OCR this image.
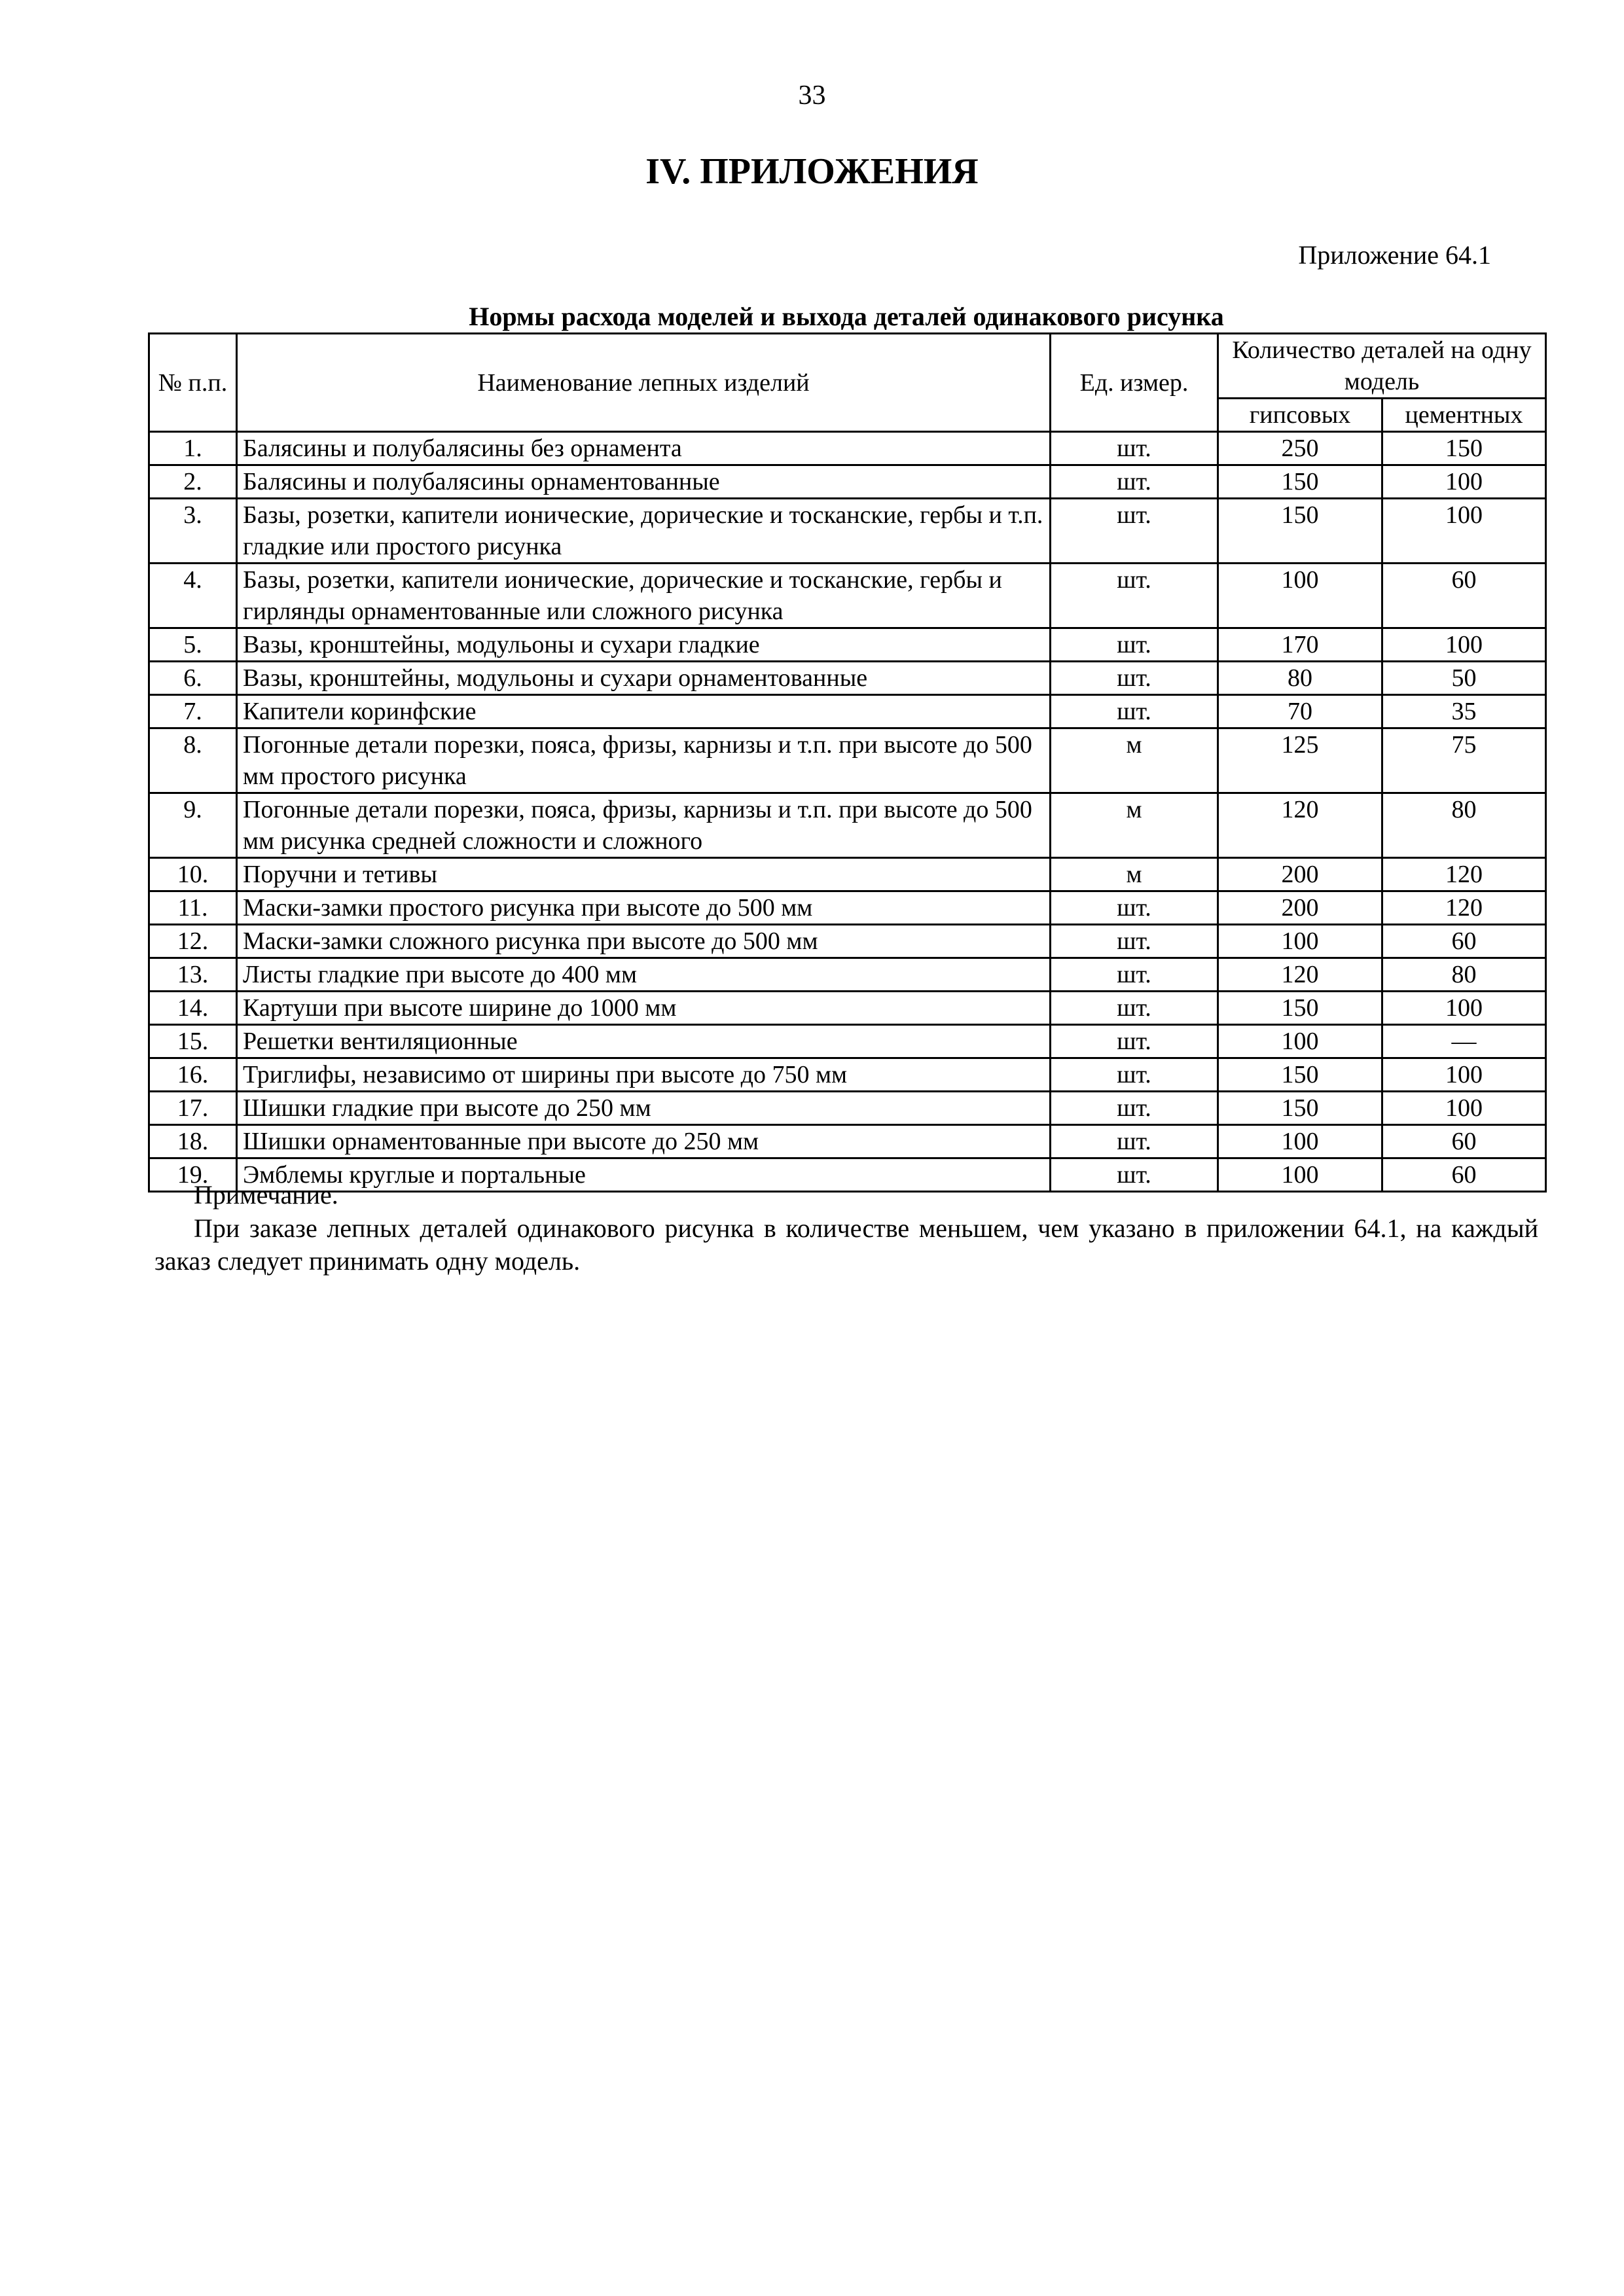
33
IV. ПРИЛОЖЕНИЯ
Приложение 64.1
Нормы расхода моделей и выхода деталей одинакового рисунка
№ п.п.	Наименование лепных изделий	Ед. измер.	Количество деталей на одну модель	
			гипсовых	цементных
1.	Балясины и полубалясины без орнамента	шт.	250	150
2.	Балясины и полубалясины орнаментованные	шт.	150	100
3.	Базы, розетки, капители ионические, дорические и тосканские, гербы и т.п. гладкие или простого рисунка	шт.	150	100
4.	Базы, розетки, капители ионические, дорические и тосканские, гербы и гирлянды орнаментованные или сложного рисунка	шт.	100	60
5.	Вазы, кронштейны, модульоны и сухари гладкие	шт.	170	100
6.	Вазы, кронштейны, модульоны и сухари орнаментованные	шт.	80	50
7.	Капители коринфские	шт.	70	35
8.	Погонные детали порезки, пояса, фризы, карнизы и т.п. при высоте до 500 мм простого рисунка	м	125	75
9.	Погонные детали порезки, пояса, фризы, карнизы и т.п. при высоте до 500 мм рисунка средней сложности и сложного	м	120	80
10.	Поручни и тетивы	м	200	120
11.	Маски-замки простого рисунка при высоте до 500 мм	шт.	200	120
12.	Маски-замки сложного рисунка при высоте до 500 мм	шт.	100	60
13.	Листы гладкие при высоте до 400 мм	шт.	120	80
14.	Картуши при высоте ширине до 1000 мм	шт.	150	100
15.	Решетки вентиляционные	шт.	100	—
16.	Триглифы, независимо от ширины при высоте до 750 мм	шт.	150	100
17.	Шишки гладкие при высоте до 250 мм	шт.	150	100
18.	Шишки орнаментованные при высоте до 250 мм	шт.	100	60
19.	Эмблемы круглые и портальные	шт.	100	60
Примечание.
При заказе лепных деталей одинакового рисунка в количестве меньшем, чем указано в приложении 64.1, на каждый заказ следует принимать одну модель.
